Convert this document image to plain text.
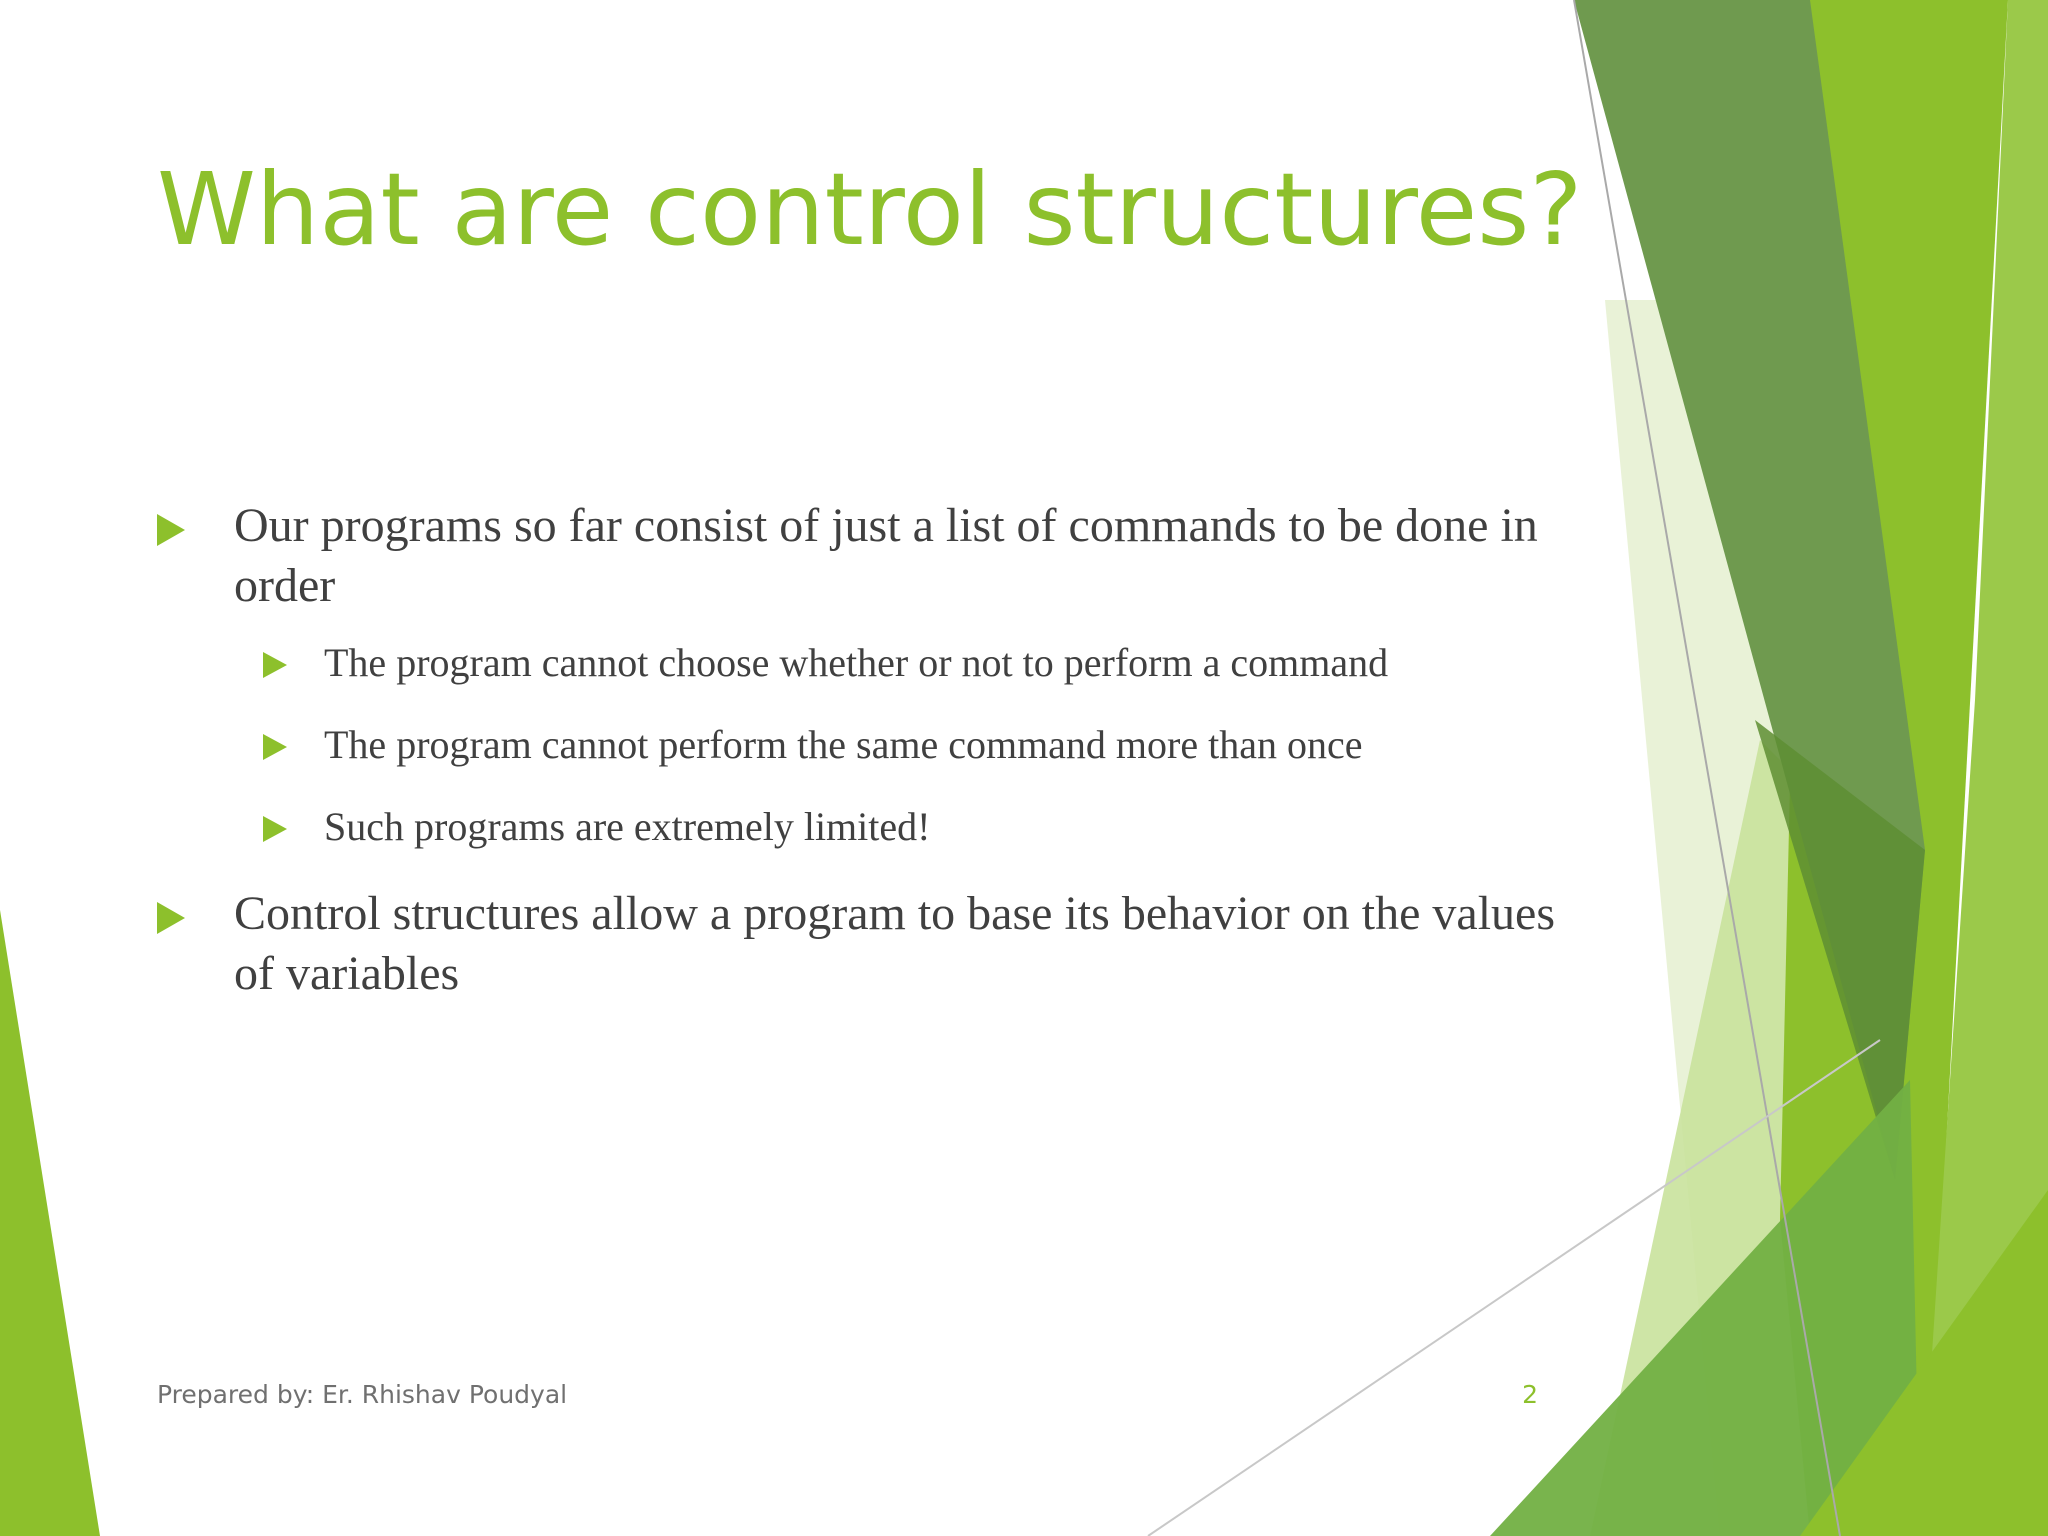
What are control structures?
Our programs so far consist of just a list of commands to be done in order
The program cannot choose whether or not to perform a command
The program cannot perform the same command more than once
Such programs are extremely limited!
Control structures allow a program to base its behavior on the values of variables
Prepared by: Er. Rhishav Poudyal	2
